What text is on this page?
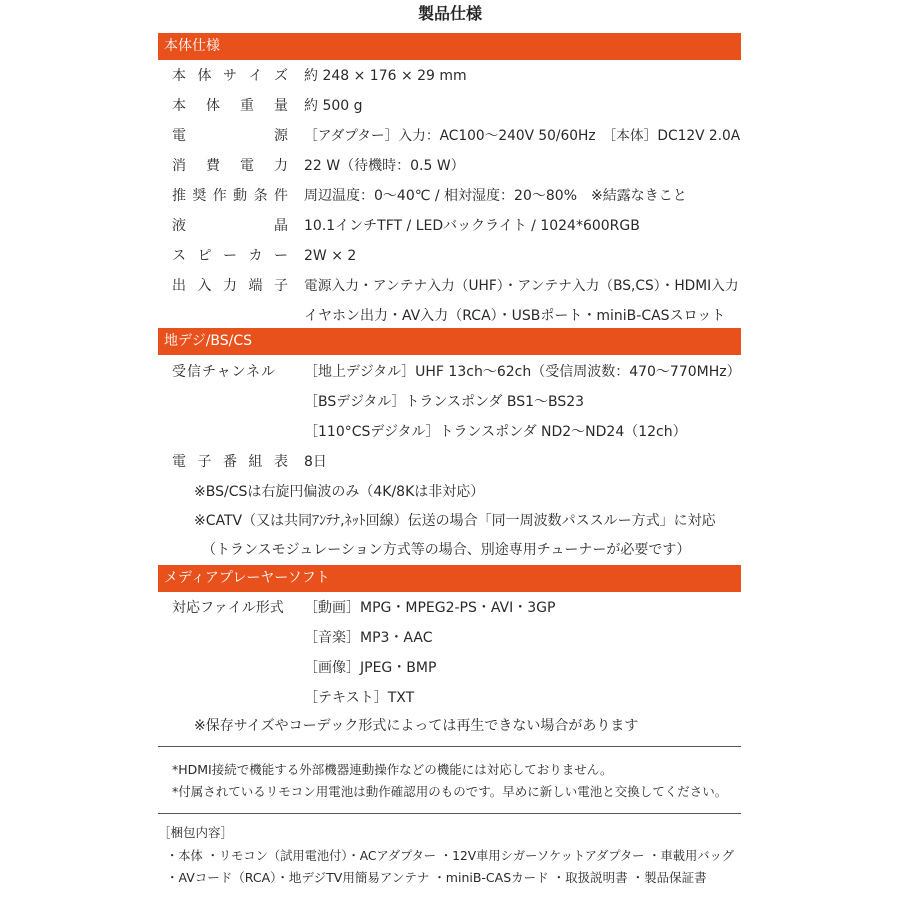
製品仕様
本体仕様
本 体 サ イ ズ 約 248 × 176 × 29 mm
本 体 重 量 約 500 g
電	源 ［アダプター］入力：AC100～240V 50/60Hz　［本体］DC12V 2.0A
消 費 電 力 22 W（待機時：0.5 W）
推 奨 作 動 条 件 周辺温度：0～40℃ / 相対湿度：20～80%　※結露なきこと
液	晶 10.1インチTFT / LEDバックライト / 1024*600RGB
ス ピ ー カ ー 2W × 2
出 入 力 端 子 電源入力・アンテナ入力（UHF）・アンテナ入力（BS,CS）・HDMI入力
イヤホン出力・AV入力（RCA）・USBポート・miniB-CASスロット
地デジ/BS/CS
受信チャンネル	［地上デジタル］UHF 13ch～62ch（受信周波数：470～770MHz）
［BSデジタル］トランスポンダ BS1～BS23
［110°CSデジタル］トランスポンダ ND2～ND24（12ch）
電 子 番 組 表 8日
※BS/CSは右旋円偏波のみ（4K/8Kは非対応）
※CATV（又は共同ｱﾝﾃﾅ,ﾈｯﾄ回線）伝送の場合「同一周波数パススルー方式」に対応
（トランスモジュレーション方式等の場合、別途専用チューナーが必要です）
メディアプレーヤーソフト
対応ファイル形式	［動画］MPG・MPEG2-PS・AVI・3GP
［音楽］MP3・AAC
［画像］JPEG・BMP
［テキスト］TXT
※保存サイズやコーデック形式によっては再生できない場合があります
*HDMI接続で機能する外部機器連動操作などの機能には対応しておりません。
*付属されているリモコン用電池は動作確認用のものです。早めに新しい電池と交換してください。
［梱包内容］
・本体 ・リモコン（試用電池付）・ACアダプター ・12V車用シガーソケットアダプター ・車載用バッグ
・AVコード（RCA）・地デジTV用簡易アンテナ ・miniB-CASカード ・取扱説明書 ・製品保証書
